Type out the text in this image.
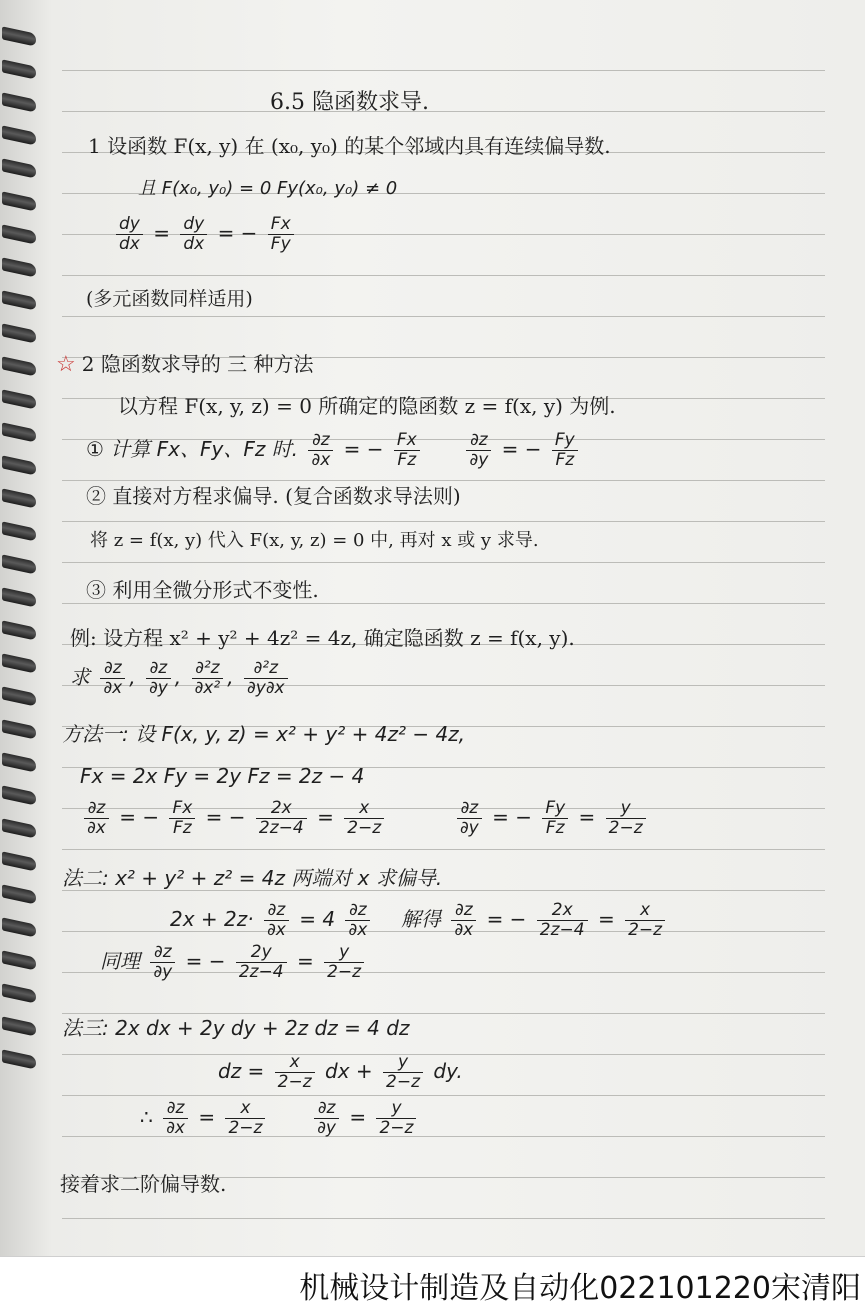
6.5 隐函数求导.
1 设函数 F(x, y) 在 (x₀, y₀) 的某个邻域内具有连续偏导数.
且 F(x₀, y₀) = 0 Fy(x₀, y₀) ≠ 0
$\frac{dy}{dx} = \frac{dy}{dx}$ = − $\frac{Fx}{Fy}$
(多元函数同样适用)
☆ 2 隐函数求导的 三 种方法
以方程 F(x, y, z) = 0 所确定的隐函数 z = f(x, y) 为例.
① 计算 Fx、Fy、Fz 时. $\frac{\partial z}{\partial x}$ = − $\frac{Fx}{Fz}$
	$\frac{\partial z}{\partial y}$ = − $\frac{Fy}{Fz}$
② 直接对方程求偏导. (复合函数求导法则)
将 z = f(x, y) 代入 F(x, y, z) = 0 中, 再对 x 或 y 求导.
③ 利用全微分形式不变性.
例: 设方程 x² + y² + 4z² = 4z, 确定隐函数 z = f(x, y).
求 $\frac{\partial z}{\partial x}$ , $\frac{\partial z}{\partial y}$ , $\frac{\text{∂²z}}{\text{∂x²}}$ , $\frac{\text{∂²z}}{\partial y\partial x}$
方法一: 设 F(x, y, z) = x² + y² + 4z² − 4z,
Fx = 2x Fy = 2y Fz = 2z − 4
$\frac{\partial z}{\partial x}$ = − $\frac{Fx}{Fz}$ = − $\frac{2x}{2z-4} = \frac{x}{2-z}$
	$\frac{\partial z}{\partial y}$ = − $\frac{Fy}{Fz} = \frac{y}{2-z}$
法二: x² + y² + z² = 4z 两端对 x 求偏导.
$2x + 2z\cdot \frac{\partial z}{\partial x} = 4 \frac{\partial z}{\partial x}$ 解得 $\frac{\partial z}{\partial x}$ = − $\frac{2x}{2z-4} = \frac{x}{2-z}$
同理 $\frac{\partial z}{\partial y}$ = − $\frac{2y}{2z-4} = \frac{y}{2-z}$
法三: 2x dx + 2y dy + 2z dz = 4 dz
dz = $\frac{x}{2-z}$ dx + $\frac{y}{2-z}$ dy.
∴ $\frac{\partial z}{\partial x} = \frac{x}{2-z}$
	$\frac{\partial z}{\partial y} = \frac{y}{2-z}$
接着求二阶偏导数.
机械设计制造及自动化022101220宋清阳
